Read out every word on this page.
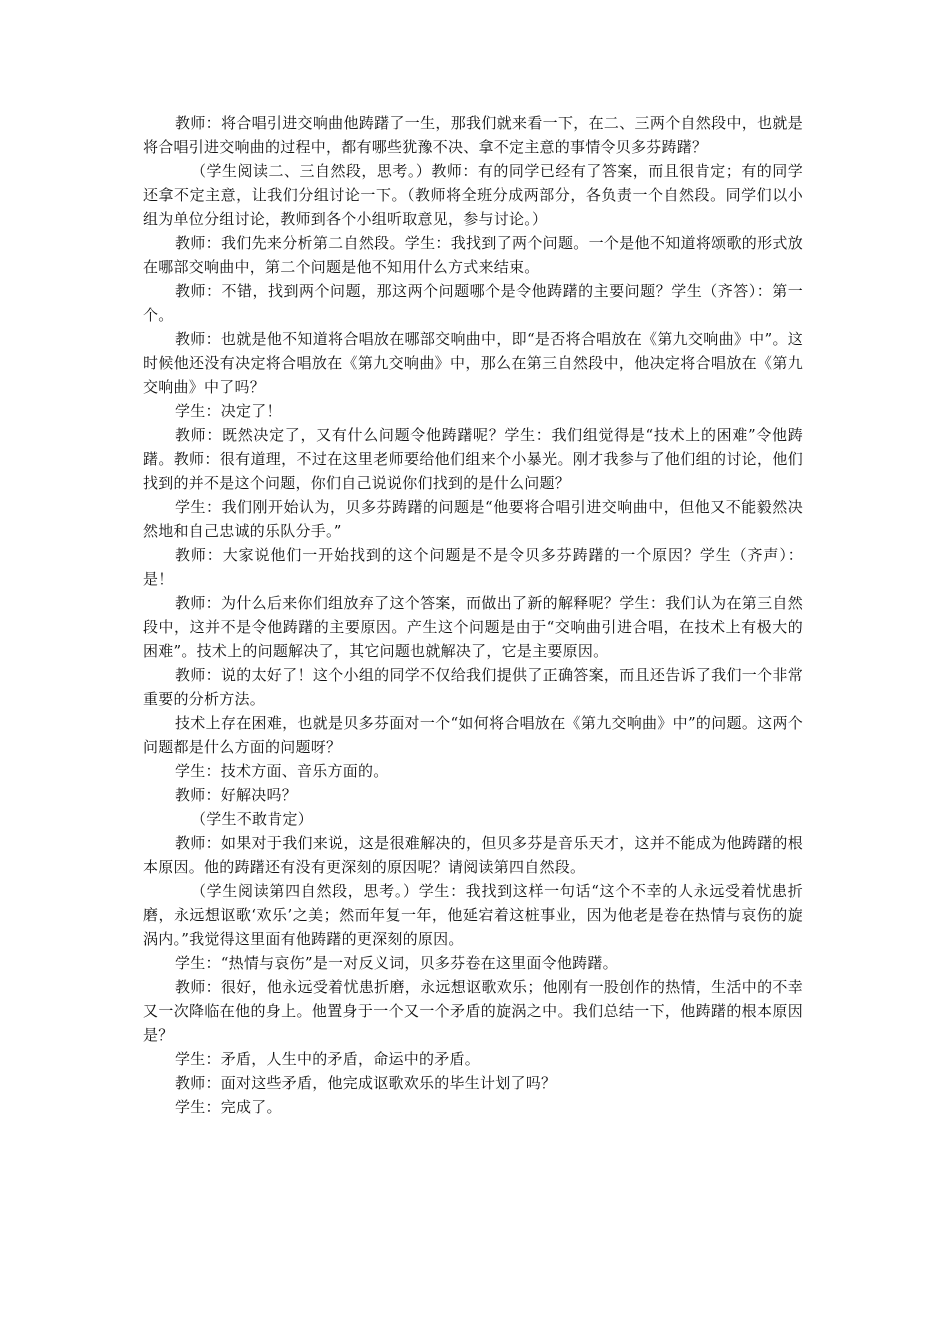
教师：将合唱引进交响曲他踌躇了一生，那我们就来看一下，在二、三两个自然段中，也就是将合唱引进交响曲的过程中，都有哪些犹豫不决、拿不定主意的事情令贝多芬踌躇？

（学生阅读二、三自然段，思考。）教师：有的同学已经有了答案，而且很肯定；有的同学还拿不定主意，让我们分组讨论一下。（教师将全班分成两部分，各负责一个自然段。同学们以小组为单位分组讨论，教师到各个小组听取意见，参与讨论。）

教师：我们先来分析第二自然段。学生：我找到了两个问题。一个是他不知道将颂歌的形式放在哪部交响曲中，第二个问题是他不知用什么方式来结束。

教师：不错，找到两个问题，那这两个问题哪个是令他踌躇的主要问题？学生（齐答）：第一个。

教师：也就是他不知道将合唱放在哪部交响曲中，即“是否将合唱放在《第九交响曲》中”。这时候他还没有决定将合唱放在《第九交响曲》中，那么在第三自然段中，他决定将合唱放在《第九交响曲》中了吗？

学生：决定了！

教师：既然决定了，又有什么问题令他踌躇呢？学生：我们组觉得是“技术上的困难”令他踌躇。教师：很有道理，不过在这里老师要给他们组来个小暴光。刚才我参与了他们组的讨论，他们找到的并不是这个问题，你们自己说说你们找到的是什么问题？

学生：我们刚开始认为，贝多芬踌躇的问题是“他要将合唱引进交响曲中，但他又不能毅然决然地和自己忠诚的乐队分手。”

教师：大家说他们一开始找到的这个问题是不是令贝多芬踌躇的一个原因？学生（齐声）：是！

教师：为什么后来你们组放弃了这个答案，而做出了新的解释呢？学生：我们认为在第三自然段中，这并不是令他踌躇的主要原因。产生这个问题是由于“交响曲引进合唱，在技术上有极大的困难”。技术上的问题解决了，其它问题也就解决了，它是主要原因。

教师：说的太好了！这个小组的同学不仅给我们提供了正确答案，而且还告诉了我们一个非常重要的分析方法。

技术上存在困难，也就是贝多芬面对一个“如何将合唱放在《第九交响曲》中”的问题。这两个问题都是什么方面的问题呀？

学生：技术方面、音乐方面的。

教师：好解决吗？

（学生不敢肯定）

教师：如果对于我们来说，这是很难解决的，但贝多芬是音乐天才，这并不能成为他踌躇的根本原因。他的踌躇还有没有更深刻的原因呢？请阅读第四自然段。

（学生阅读第四自然段，思考。）学生：我找到这样一句话“这个不幸的人永远受着忧患折磨，永远想讴歌‘欢乐’之美；然而年复一年，他延宕着这桩事业，因为他老是卷在热情与哀伤的旋涡内。”我觉得这里面有他踌躇的更深刻的原因。

学生：“热情与哀伤”是一对反义词，贝多芬卷在这里面令他踌躇。

教师：很好，他永远受着忧患折磨，永远想讴歌欢乐；他刚有一股创作的热情，生活中的不幸又一次降临在他的身上。他置身于一个又一个矛盾的旋涡之中。我们总结一下，他踌躇的根本原因是？

学生：矛盾，人生中的矛盾，命运中的矛盾。

教师：面对这些矛盾，他完成讴歌欢乐的毕生计划了吗？

学生：完成了。
